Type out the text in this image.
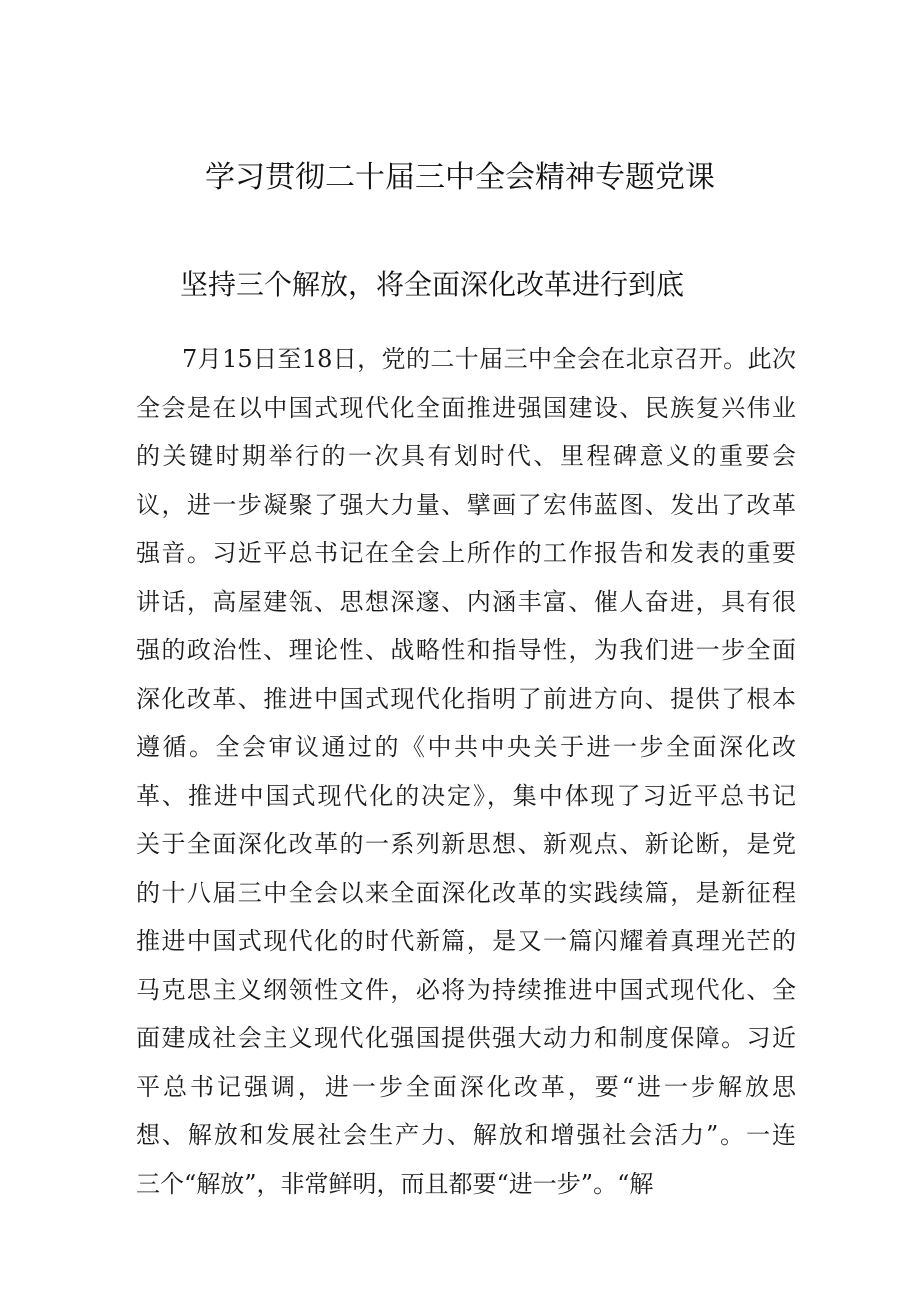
学习贯彻二十届三中全会精神专题党课
坚持三个解放，将全面深化改革进行到底
7月15日至18日，党的二十届三中全会在北京召开。此次
全会是在以中国式现代化全面推进强国建设、民族复兴伟业
的关键时期举行的一次具有划时代、里程碑意义的重要会
议，进一步凝聚了强大力量、擘画了宏伟蓝图、发出了改革
强音。习近平总书记在全会上所作的工作报告和发表的重要
讲话，高屋建瓴、思想深邃、内涵丰富、催人奋进，具有很
强的政治性、理论性、战略性和指导性，为我们进一步全面
深化改革、推进中国式现代化指明了前进方向、提供了根本
遵循。全会审议通过的《中共中央关于进一步全面深化改
革、推进中国式现代化的决定》，集中体现了习近平总书记
关于全面深化改革的一系列新思想、新观点、新论断，是党
的十八届三中全会以来全面深化改革的实践续篇，是新征程
推进中国式现代化的时代新篇，是又一篇闪耀着真理光芒的
马克思主义纲领性文件，必将为持续推进中国式现代化、全
面建成社会主义现代化强国提供强大动力和制度保障。习近
平总书记强调，进一步全面深化改革，要“进一步解放思
想、解放和发展社会生产力、解放和增强社会活力”。一连
三个“解放”，非常鲜明，而且都要“进一步”。“解
